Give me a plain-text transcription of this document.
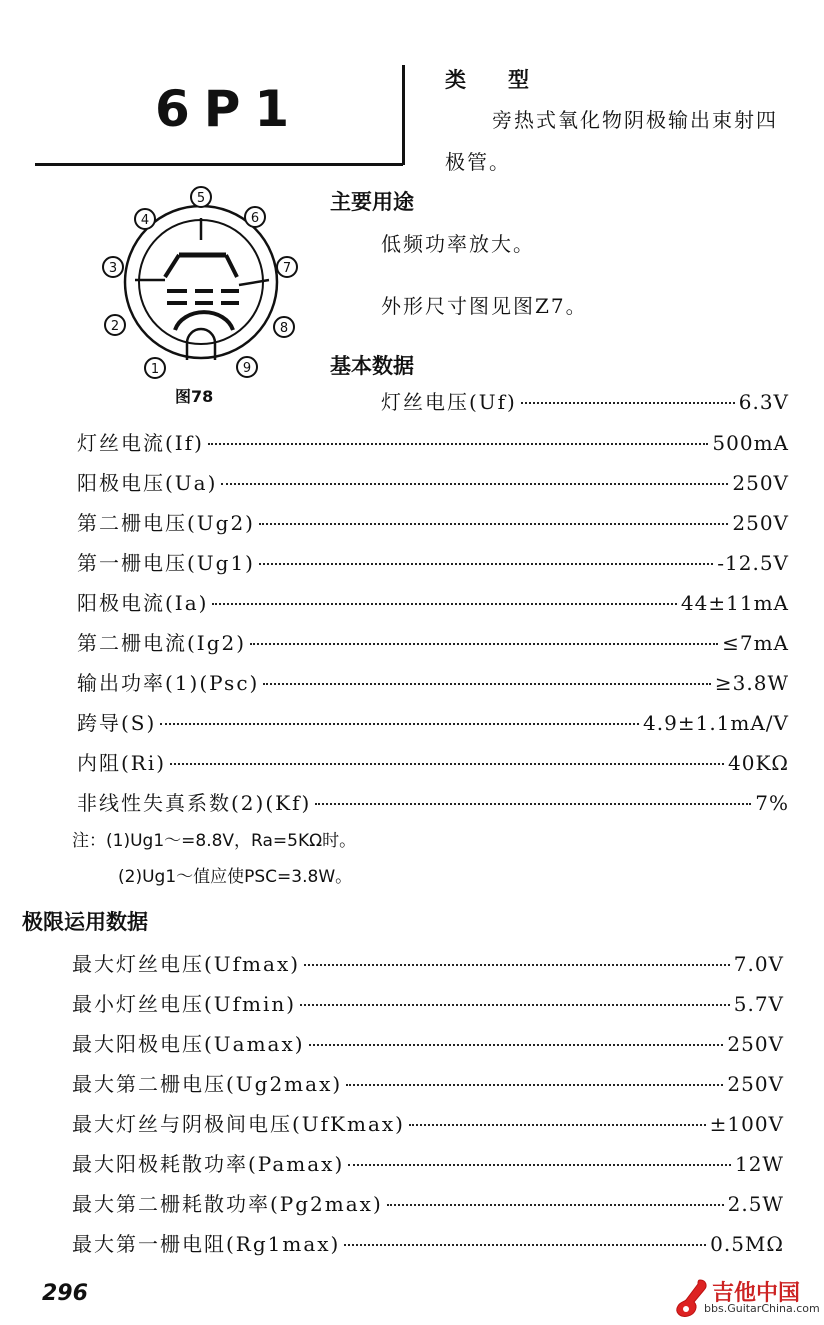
6P1	类　　型
旁热式氧化物阴极输出束射四
极管。
主要用途
低频功率放大。
外形尺寸图见图Z7。
1
2
3
4
5
6
7
8
9
图78
基本数据
灯丝电压(Uf)	6.3V
灯丝电流(If)	500mA
阳极电压(Ua)	250V
第二栅电压(Ug2)	250V
第一栅电压(Ug1)	-12.5V
阳极电流(Ia)	44±11mA
第二栅电流(Ig2)	≤7mA
输出功率(1)(Psc)	≥3.8W
跨导(S)	4.9±1.1mA/V
内阻(Ri)	40KΩ
非线性失真系数(2)(Kf)	7%
注：(1)Ug1～=8.8V，Ra=5KΩ时。
(2)Ug1～值应使PSC=3.8W。
极限运用数据
最大灯丝电压(Ufmax)	7.0V
最小灯丝电压(Ufmin)	5.7V
最大阳极电压(Uamax)	250V
最大第二栅电压(Ug2max)	250V
最大灯丝与阴极间电压(UfKmax)	±100V
最大阳极耗散功率(Pamax)	12W
最大第二栅耗散功率(Pg2max)	2.5W
最大第一栅电阻(Rg1max)	0.5MΩ
296	吉他中国
bbs.GuitarChina.com
